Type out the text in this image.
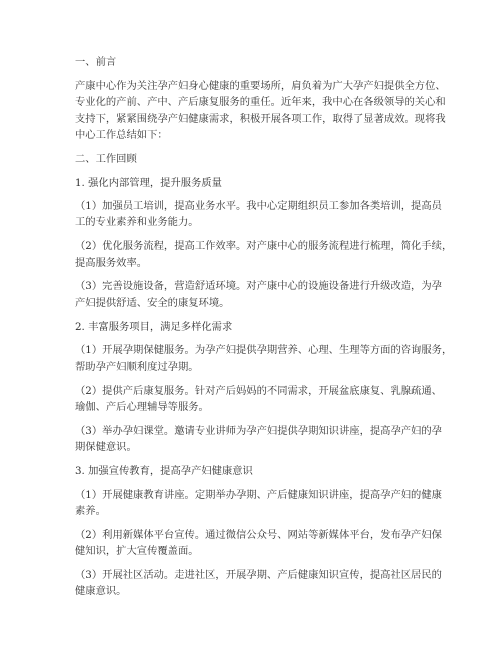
一、前言
产康中心作为关注孕产妇身心健康的重要场所，肩负着为广大孕产妇提供全方位、
专业化的产前、产中、产后康复服务的重任。近年来，我中心在各级领导的关心和
支持下，紧紧围绕孕产妇健康需求，积极开展各项工作，取得了显著成效。现将我
中心工作总结如下：
二、工作回顾
1. 强化内部管理，提升服务质量
（1）加强员工培训，提高业务水平。我中心定期组织员工参加各类培训，提高员
工的专业素养和业务能力。
（2）优化服务流程，提高工作效率。对产康中心的服务流程进行梳理，简化手续，
提高服务效率。
（3）完善设施设备，营造舒适环境。对产康中心的设施设备进行升级改造，为孕
产妇提供舒适、安全的康复环境。
2. 丰富服务项目，满足多样化需求
（1）开展孕期保健服务。为孕产妇提供孕期营养、心理、生理等方面的咨询服务，
帮助孕产妇顺利度过孕期。
（2）提供产后康复服务。针对产后妈妈的不同需求，开展盆底康复、乳腺疏通、
瑜伽、产后心理辅导等服务。
（3）举办孕妇课堂。邀请专业讲师为孕产妇提供孕期知识讲座，提高孕产妇的孕
期保健意识。
3. 加强宣传教育，提高孕产妇健康意识
（1）开展健康教育讲座。定期举办孕期、产后健康知识讲座，提高孕产妇的健康
素养。
（2）利用新媒体平台宣传。通过微信公众号、网站等新媒体平台，发布孕产妇保
健知识，扩大宣传覆盖面。
（3）开展社区活动。走进社区，开展孕期、产后健康知识宣传，提高社区居民的
健康意识。
